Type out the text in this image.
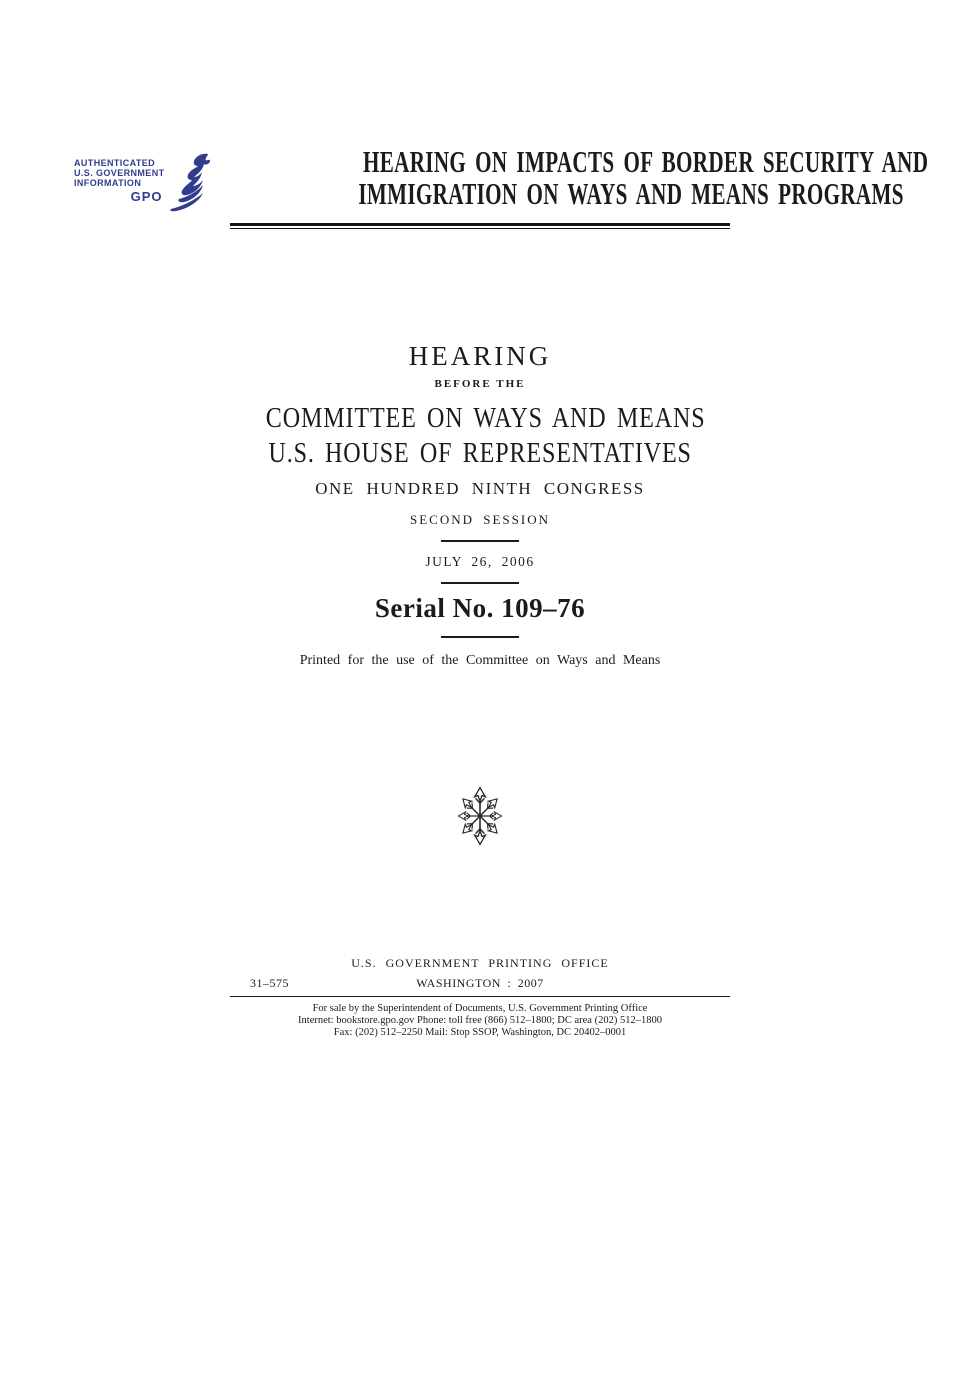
AUTHENTICATED
U.S. GOVERNMENT
INFORMATION
GPO
HEARING ON IMPACTS OF BORDER SECURITY AND
IMMIGRATION ON WAYS AND MEANS PROGRAMS
HEARING
BEFORE THE
COMMITTEE ON WAYS AND MEANS
U.S. HOUSE OF REPRESENTATIVES
ONE HUNDRED NINTH CONGRESS
SECOND SESSION
JULY 26, 2006
Serial No. 109–76
Printed for the use of the Committee on Ways and Means
U.S. GOVERNMENT PRINTING OFFICE
31–575	WASHINGTON : 2007
For sale by the Superintendent of Documents, U.S. Government Printing Office
Internet: bookstore.gpo.gov Phone: toll free (866) 512–1800; DC area (202) 512–1800
Fax: (202) 512–2250 Mail: Stop SSOP, Washington, DC 20402–0001
